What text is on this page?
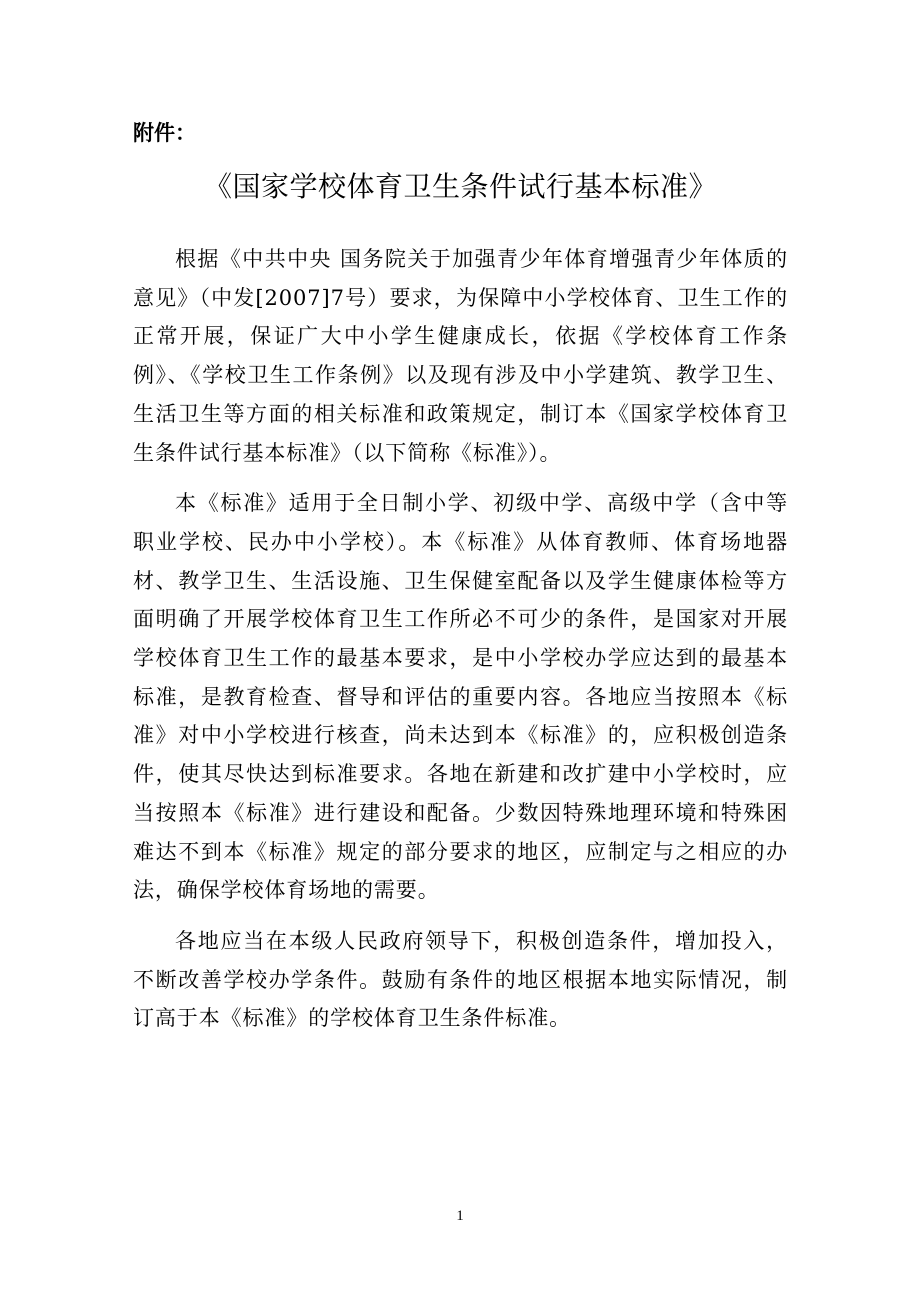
附件：

《国家学校体育卫生条件试行基本标准》

根据《中共中央 国务院关于加强青少年体育增强青少年体质的意见》（中发[2007]7号）要求，为保障中小学校体育、卫生工作的正常开展，保证广大中小学生健康成长，依据《学校体育工作条例》、《学校卫生工作条例》以及现有涉及中小学建筑、教学卫生、生活卫生等方面的相关标准和政策规定，制订本《国家学校体育卫生条件试行基本标准》（以下简称《标准》）。

本《标准》适用于全日制小学、初级中学、高级中学（含中等职业学校、民办中小学校）。本《标准》从体育教师、体育场地器材、教学卫生、生活设施、卫生保健室配备以及学生健康体检等方面明确了开展学校体育卫生工作所必不可少的条件，是国家对开展学校体育卫生工作的最基本要求，是中小学校办学应达到的最基本标准，是教育检查、督导和评估的重要内容。各地应当按照本《标准》对中小学校进行核查，尚未达到本《标准》的，应积极创造条件，使其尽快达到标准要求。各地在新建和改扩建中小学校时，应当按照本《标准》进行建设和配备。少数因特殊地理环境和特殊困难达不到本《标准》规定的部分要求的地区，应制定与之相应的办法，确保学校体育场地的需要。

各地应当在本级人民政府领导下，积极创造条件，增加投入，不断改善学校办学条件。鼓励有条件的地区根据本地实际情况，制订高于本《标准》的学校体育卫生条件标准。

1
